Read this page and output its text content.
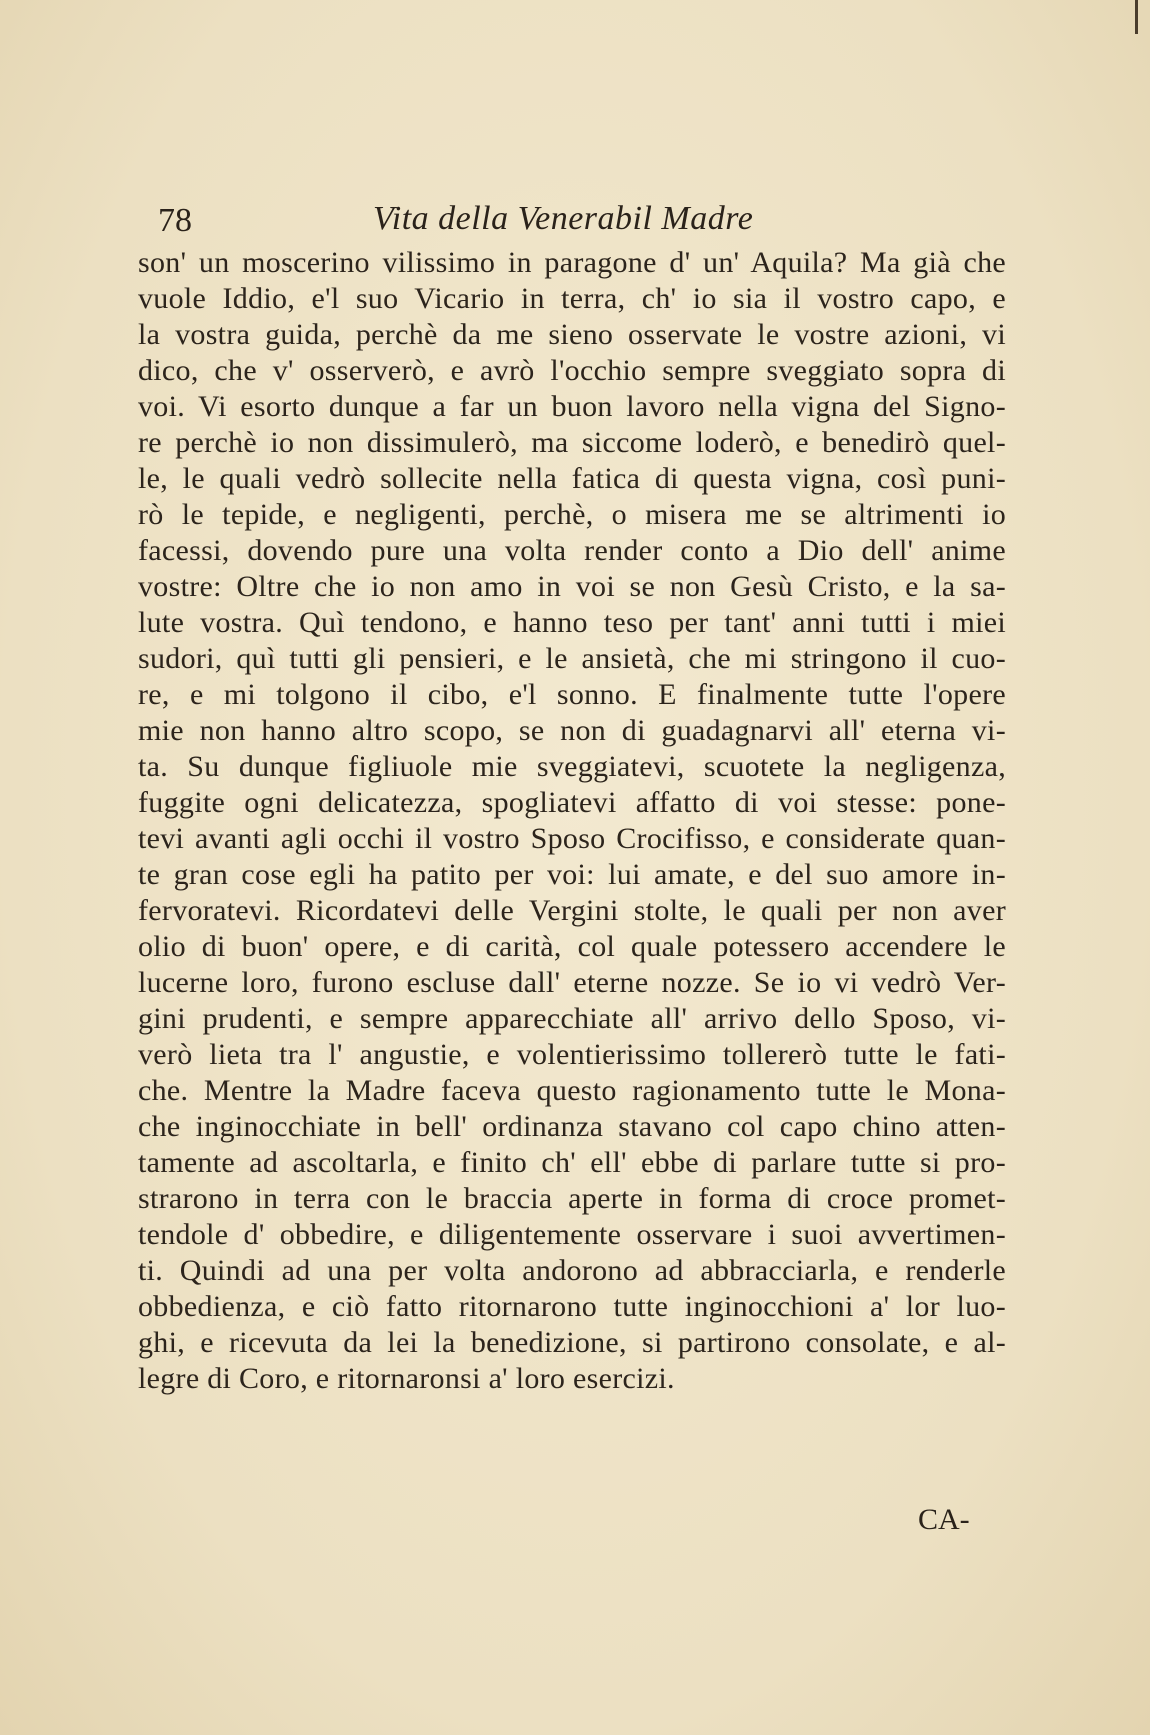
78	Vita della Venerabil Madre
son' un moscerino vilissimo in paragone d' un' Aquila? Ma già che
vuole Iddio, e'l suo Vicario in terra, ch' io sia il vostro capo, e
la vostra guida, perchè da me sieno osservate le vostre azioni, vi
dico, che v' osserverò, e avrò l'occhio sempre sveggiato sopra di
voi. Vi esorto dunque a far un buon lavoro nella vigna del Signo-
re perchè io non dissimulerò, ma siccome loderò, e benedirò quel-
le, le quali vedrò sollecite nella fatica di questa vigna, così puni-
rò le tepide, e negligenti, perchè, o misera me se altrimenti io
facessi, dovendo pure una volta render conto a Dio dell' anime
vostre: Oltre che io non amo in voi se non Gesù Cristo, e la sa-
lute vostra. Quì tendono, e hanno teso per tant' anni tutti i miei
sudori, quì tutti gli pensieri, e le ansietà, che mi stringono il cuo-
re, e mi tolgono il cibo, e'l sonno. E finalmente tutte l'opere
mie non hanno altro scopo, se non di guadagnarvi all' eterna vi-
ta. Su dunque figliuole mie sveggiatevi, scuotete la negligenza,
fuggite ogni delicatezza, spogliatevi affatto di voi stesse: pone-
tevi avanti agli occhi il vostro Sposo Crocifisso, e considerate quan-
te gran cose egli ha patito per voi: lui amate, e del suo amore in-
fervoratevi. Ricordatevi delle Vergini stolte, le quali per non aver
olio di buon' opere, e di carità, col quale potessero accendere le
lucerne loro, furono escluse dall' eterne nozze. Se io vi vedrò Ver-
gini prudenti, e sempre apparecchiate all' arrivo dello Sposo, vi-
verò lieta tra l' angustie, e volentierissimo tollererò tutte le fati-
che. Mentre la Madre faceva questo ragionamento tutte le Mona-
che inginocchiate in bell' ordinanza stavano col capo chino atten-
tamente ad ascoltarla, e finito ch' ell' ebbe di parlare tutte si pro-
strarono in terra con le braccia aperte in forma di croce promet-
tendole d' obbedire, e diligentemente osservare i suoi avvertimen-
ti. Quindi ad una per volta andorono ad abbracciarla, e renderle
obbedienza, e ciò fatto ritornarono tutte inginocchioni a' lor luo-
ghi, e ricevuta da lei la benedizione, si partirono consolate, e al-
legre di Coro, e ritornaronsi a' loro esercizi.
CA-
